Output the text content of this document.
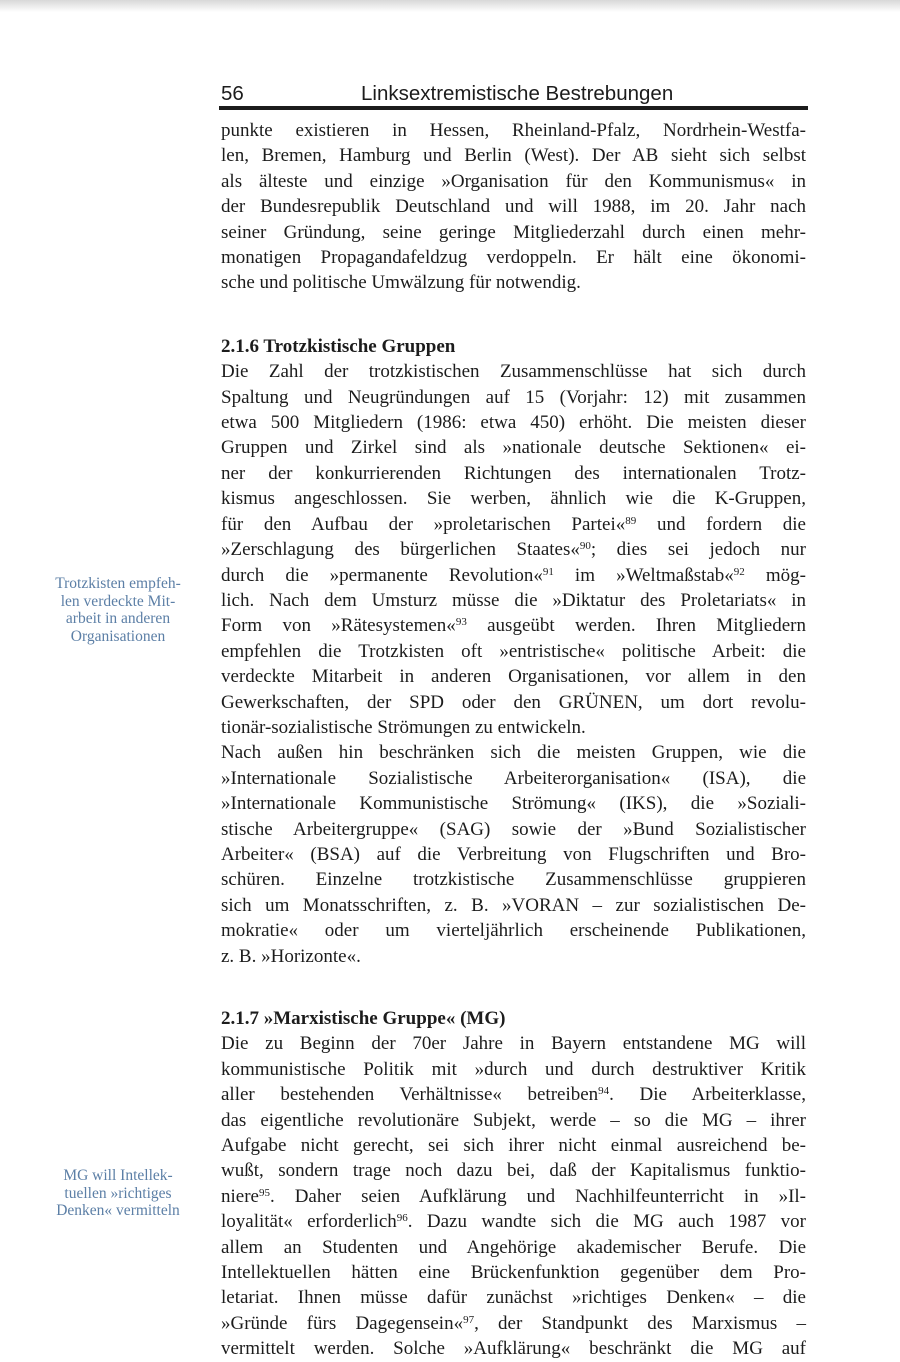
56	Linksextremistische Bestrebungen

punkte existieren in Hessen, Rheinland-Pfalz, Nordrhein-Westfa-
len, Bremen, Hamburg und Berlin (West). Der AB sieht sich selbst
als älteste und einzige »Organisation für den Kommunismus« in
der Bundesrepublik Deutschland und will 1988, im 20. Jahr nach
seiner Gründung, seine geringe Mitgliederzahl durch einen mehr-
monatigen Propagandafeldzug verdoppeln. Er hält eine ökonomi-
sche und politische Umwälzung für notwendig.

2.1.6 Trotzkistische Gruppen

Die Zahl der trotzkistischen Zusammenschlüsse hat sich durch
Spaltung und Neugründungen auf 15 (Vorjahr: 12) mit zusammen
etwa 500 Mitgliedern (1986: etwa 450) erhöht. Die meisten dieser
Gruppen und Zirkel sind als »nationale deutsche Sektionen« ei-
ner der konkurrierenden Richtungen des internationalen Trotz-
kismus angeschlossen. Sie werben, ähnlich wie die K-Gruppen,
für den Aufbau der »proletarischen Partei«$^{89}$ und fordern die
»Zerschlagung des bürgerlichen Staates«$^{90}$; dies sei jedoch nur
durch die »permanente Revolution«$^{91}$ im »Weltmaßstab«$^{92}$ mög-
lich. Nach dem Umsturz müsse die »Diktatur des Proletariats« in
Form von »Rätesystemen«$^{93}$ ausgeübt werden. Ihren Mitgliedern
empfehlen die Trotzkisten oft »entristische« politische Arbeit: die
verdeckte Mitarbeit in anderen Organisationen, vor allem in den
Gewerkschaften, der SPD oder den GRÜNEN, um dort revolu-
tionär-sozialistische Strömungen zu entwickeln.

Nach außen hin beschränken sich die meisten Gruppen, wie die
»Internationale Sozialistische Arbeiterorganisation« (ISA), die
»Internationale Kommunistische Strömung« (IKS), die »Soziali-
stische Arbeitergruppe« (SAG) sowie der »Bund Sozialistischer
Arbeiter« (BSA) auf die Verbreitung von Flugschriften und Bro-
schüren. Einzelne trotzkistische Zusammenschlüsse gruppieren
sich um Monatsschriften, z. B. »VORAN – zur sozialistischen De-
mokratie« oder um vierteljährlich erscheinende Publikationen,
z. B. »Horizonte«.

2.1.7 »Marxistische Gruppe« (MG)

Die zu Beginn der 70er Jahre in Bayern entstandene MG will
kommunistische Politik mit »durch und durch destruktiver Kritik
aller bestehenden Verhältnisse« betreiben$^{94}$. Die Arbeiterklasse,
das eigentliche revolutionäre Subjekt, werde – so die MG – ihrer
Aufgabe nicht gerecht, sei sich ihrer nicht einmal ausreichend be-
wußt, sondern trage noch dazu bei, daß der Kapitalismus funktio-
niere$^{95}$. Daher seien Aufklärung und Nachhilfeunterricht in »Il-
loyalität« erforderlich$^{96}$. Dazu wandte sich die MG auch 1987 vor
allem an Studenten und Angehörige akademischer Berufe. Die
Intellektuellen hätten eine Brückenfunktion gegenüber dem Pro-
letariat. Ihnen müsse dafür zunächst »richtiges Denken« – die
»Gründe fürs Dagegensein«$^{97}$, der Standpunkt des Marxismus –
vermittelt werden. Solche »Aufklärung« beschränkt die MG auf

Trotzkisten empfeh-
len verdeckte Mit-
arbeit in anderen
Organisationen
MG will Intellek-
tuellen »richtiges
Denken« vermitteln
